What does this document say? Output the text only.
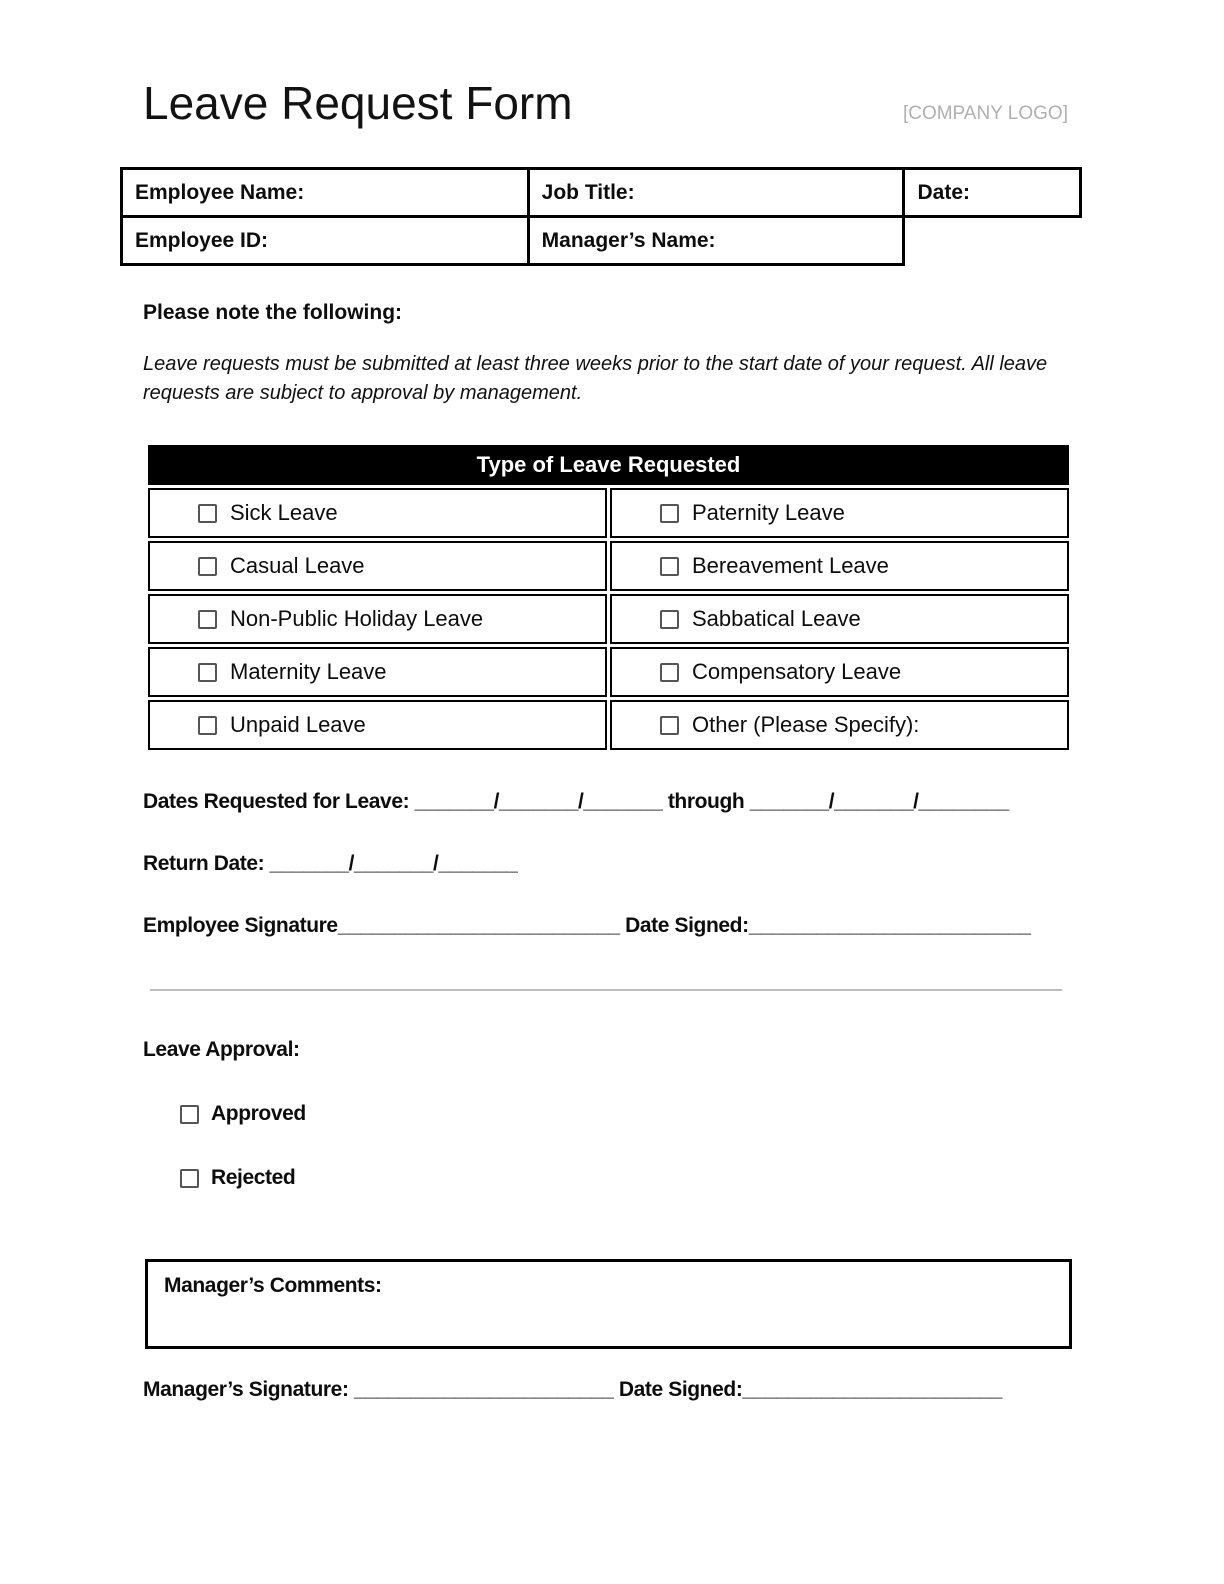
Leave Request Form	[COMPANY LOGO]
Employee Name:	Job Title:	Date:
Employee ID:	Manager’s Name:	
Please note the following:
Leave requests must be submitted at least three weeks prior to the start date of your request. All leave requests are subject to approval by management.
Type of Leave Requested	

Sick Leave	Paternity Leave

Casual Leave	Bereavement Leave

Non-Public Holiday Leave	Sabbatical Leave

Maternity Leave	Compensatory Leave

Unpaid Leave	Other (Please Specify):
Dates Requested for Leave: _______/_______/_______ through _______/_______/________
Return Date: _______/_______/_______
Employee Signature_________________________ Date Signed:_________________________
Leave Approval:
Approved
Rejected
Manager’s Comments:
Manager’s Signature: _______________________ Date Signed:_______________________
